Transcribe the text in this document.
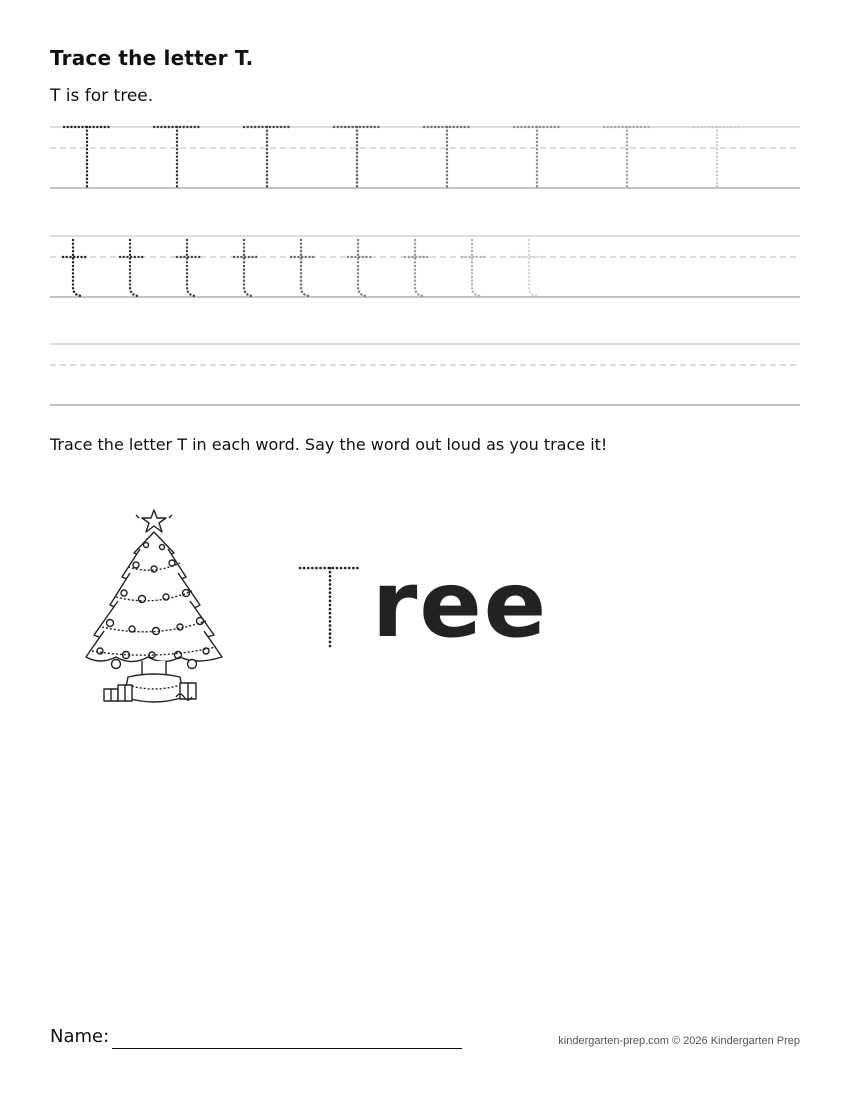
Trace the letter T.
T is for tree.
Trace the letter T in each word. Say the word out loud as you trace it!
ree
Name:	kindergarten-prep.com © 2026 Kindergarten Prep
